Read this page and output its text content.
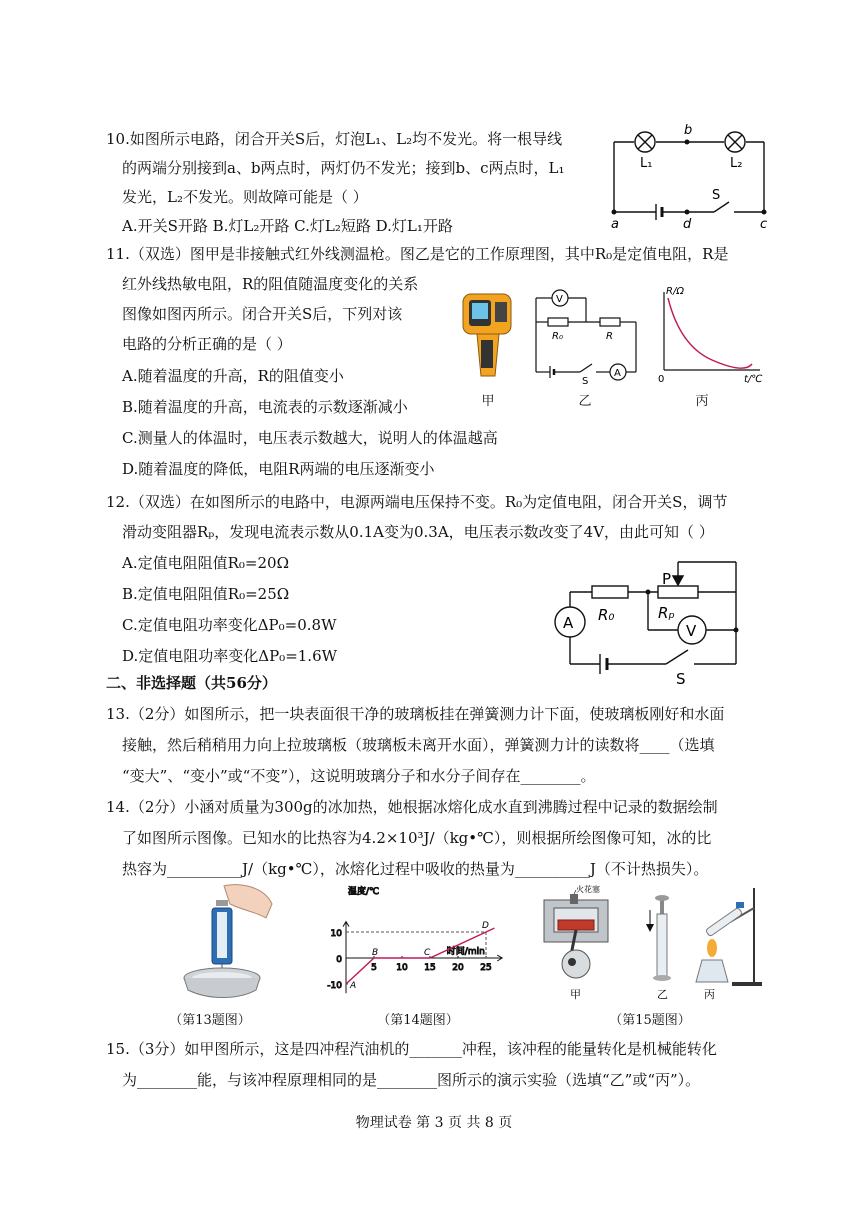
10.如图所示电路，闭合开关S后，灯泡L₁、L₂均不发光。将一根导线
的两端分别接到a、b两点时，两灯仍不发光；接到b、c两点时，L₁
发光，L₂不发光。则故障可能是（ ）
A.开关S开路 B.灯L₂开路 C.灯L₂短路 D.灯L₁开路
b
L₁	L₂
S
a	d	c
11.（双选）图甲是非接触式红外线测温枪。图乙是它的工作原理图，其中R₀是定值电阻，R是
红外线热敏电阻，R的阻值随温度变化的关系
图像如图丙所示。闭合开关S后，下列对该
电路的分析正确的是（ ）
A.随着温度的升高，R的阻值变小
B.随着温度的升高，电流表的示数逐渐减小
C.测量人的体温时，电压表示数越大，说明人的体温越高
D.随着温度的降低，电阻R两端的电压逐渐变小
甲
V
A
R₀	R
S
乙
R/Ω
t/℃
0
丙
12.（双选）在如图所示的电路中，电源两端电压保持不变。R₀为定值电阻，闭合开关S，调节
滑动变阻器Rₚ，发现电流表示数从0.1A变为0.3A，电压表示数改变了4V，由此可知（ ）
A.定值电阻阻值R₀=20Ω
B.定值电阻阻值R₀=25Ω
C.定值电阻功率变化ΔP₀=0.8W
D.定值电阻功率变化ΔP₀=1.6W
P
R₀	Rₚ
A	V
S
二、非选择题（共56分）
13.（2分）如图所示，把一块表面很干净的玻璃板挂在弹簧测力计下面，使玻璃板刚好和水面
接触，然后稍稍用力向上拉玻璃板（玻璃板未离开水面），弹簧测力计的读数将____（选填
“变大”、“变小”或“不变”），这说明玻璃分子和水分子间存在________。
14.（2分）小涵对质量为300g的冰加热，她根据冰熔化成水直到沸腾过程中记录的数据绘制
了如图所示图像。已知水的比热容为4.2×10³J/（kg•℃），则根据所绘图像可知，冰的比
热容为__________J/（kg•℃），冰熔化过程中吸收的热量为__________J（不计热损失）。
（第13题图）
10
0
-10
5 10 15 20 25
温度/℃
时间/min
A
B	C
D
（第14题图）
火花塞
甲	乙	丙
（第15题图）
15.（3分）如甲图所示，这是四冲程汽油机的_______冲程，该冲程的能量转化是机械能转化
为________能，与该冲程原理相同的是________图所示的演示实验（选填“乙”或“丙”）。
物理试卷 第 3 页 共 8 页
